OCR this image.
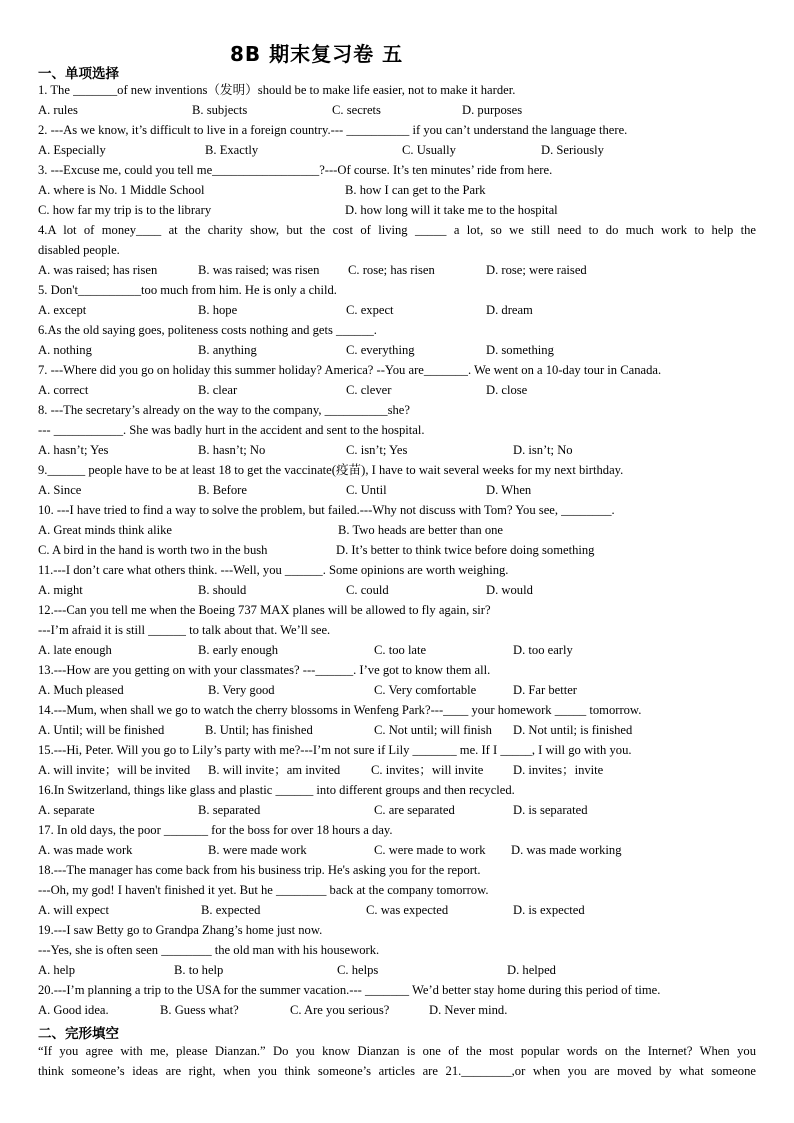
8B 期末复习卷 五
一、单项选择
1. The _______of new inventions（发明）should be to make life easier, not to make it harder.
A. rules	B. subjects	C. secrets	D. purposes
2. ---As we know, it’s difficult to live in a foreign country.--- __________ if you can’t understand the language there.
A. Especially	B. Exactly	C. Usually	D. Seriously
3. ---Excuse me, could you tell me_________________?---Of course. It’s ten minutes’ ride from here.
A. where is No. 1 Middle School	B. how I can get to the Park
C. how far my trip is to the library	D. how long will it take me to the hospital
4.A lot of money____ at the charity show, but the cost of living _____ a lot, so we still need to do much work to help the
disabled people.
A. was raised; has risen	B. was raised; was risen C. rose; has risen	D. rose; were raised
5. Don't__________too much from him. He is only a child.
A. except	B. hope	C. expect	D. dream
6.As the old saying goes, politeness costs nothing and gets ______.
A. nothing	B. anything	C. everything	D. something
7. ---Where did you go on holiday this summer holiday? America? --You are_______. We went on a 10-day tour in Canada.
A. correct	B. clear	C. clever	D. close
8. ---The secretary’s already on the way to the company, __________she?
--- ___________. She was badly hurt in the accident and sent to the hospital.
A. hasn’t; Yes	B. hasn’t; No	C. isn’t; Yes	D. isn’t; No
9.______ people have to be at least 18 to get the vaccinate(疫苗), I have to wait several weeks for my next birthday.
A. Since	B. Before	C. Until	D. When
10. ---I have tried to find a way to solve the problem, but failed.---Why not discuss with Tom? You see, ________.
A. Great minds think alike	B. Two heads are better than one
C. A bird in the hand is worth two in the bush	D. It’s better to think twice before doing something
11.---I don’t care what others think. ---Well, you ______. Some opinions are worth weighing.
A. might	B. should	C. could	D. would
12.---Can you tell me when the Boeing 737 MAX planes will be allowed to fly again, sir?
---I’m afraid it is still ______ to talk about that. We’ll see.
A. late enough	B. early enough	C. too late	D. too early
13.---How are you getting on with your classmates? ---______. I’ve got to know them all.
A. Much pleased	B. Very good	C. Very comfortable	D. Far better
14.---Mum, when shall we go to watch the cherry blossoms in Wenfeng Park?---____ your homework _____ tomorrow.
A. Until; will be finished	B. Until; has finished	C. Not until; will finish D. Not until; is finished
15.---Hi, Peter. Will you go to Lily’s party with me?---I’m not sure if Lily _______ me. If I _____, I will go with you.
A. will invite；will be invited B. will invite；am invited C. invites；will invite D. invites；invite
16.In Switzerland, things like glass and plastic ______ into different groups and then recycled.
A. separate	B. separated	C. are separated	D. is separated
17. In old days, the poor _______ for the boss for over 18 hours a day.
A. was made work	B. were made work	C. were made to work D. was made working
18.---The manager has come back from his business trip. He's asking you for the report.
---Oh, my god! I haven't finished it yet. But he ________ back at the company tomorrow.
A. will expect	B. expected	C. was expected	D. is expected
19.---I saw Betty go to Grandpa Zhang’s home just now.
---Yes, she is often seen ________ the old man with his housework.
A. help	B. to help	C. helps	D. helped
20.---I’m planning a trip to the USA for the summer vacation.--- _______ We’d better stay home during this period of time.
A. Good idea.	B. Guess what?	C. Are you serious?	D. Never mind.
二、完形填空
“If you agree with me, please Dianzan.” Do you know Dianzan is one of the most popular words on the Internet? When you
think someone’s ideas are right, when you think someone’s articles are 21.________,or when you are moved by what someone
